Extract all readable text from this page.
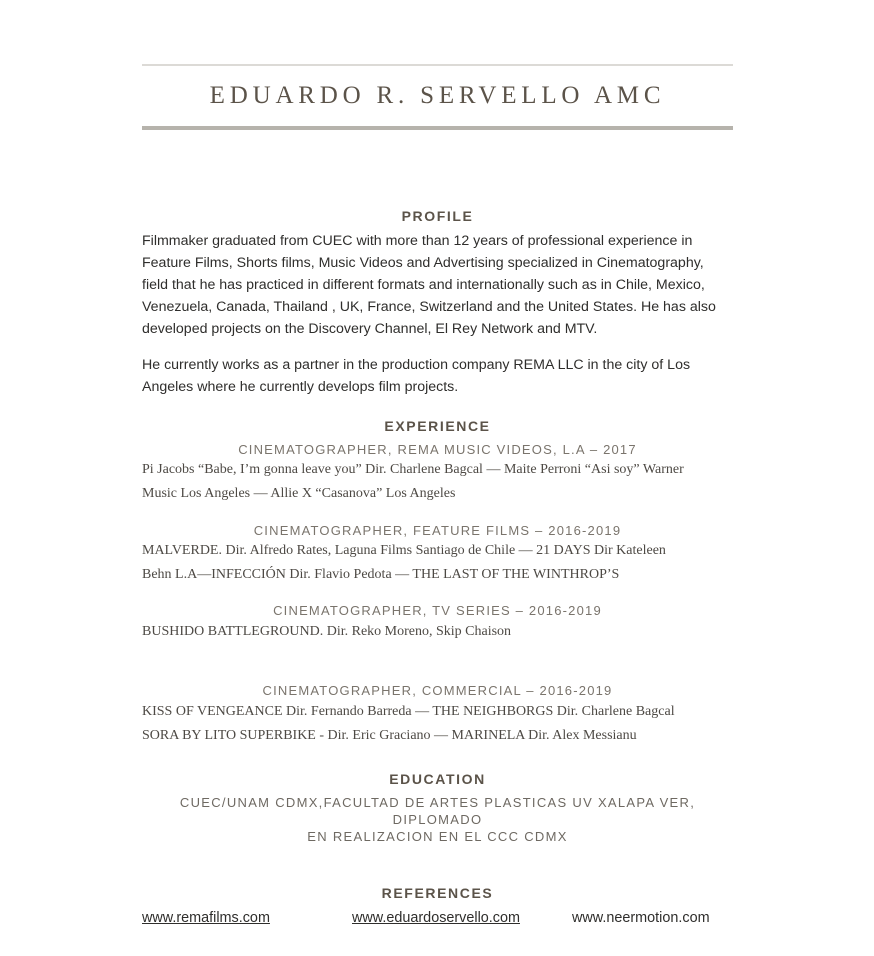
EDUARDO R. SERVELLO AMC
PROFILE
Filmmaker graduated from CUEC with more than 12 years of professional experience in
Feature Films, Shorts films, Music Videos and Advertising specialized in Cinematography,
field that he has practiced in different formats and internationally such as in Chile, Mexico,
Venezuela, Canada, Thailand , UK, France, Switzerland and the United States. He has also
developed projects on the Discovery Channel, El Rey Network and MTV.
He currently works as a partner in the production company REMA LLC in the city of Los
Angeles where he currently develops film projects.
EXPERIENCE
CINEMATOGRAPHER, REMA MUSIC VIDEOS, L.A – 2017
Pi Jacobs “Babe, I’m gonna leave you” Dir. Charlene Bagcal — Maite Perroni “Asi soy” Warner
Music Los Angeles — Allie X “Casanova” Los Angeles
CINEMATOGRAPHER, FEATURE FILMS – 2016-2019
MALVERDE. Dir. Alfredo Rates, Laguna Films Santiago de Chile — 21 DAYS Dir Kateleen
Behn L.A—INFECCIÓN Dir. Flavio Pedota — THE LAST OF THE WINTHROP’S
CINEMATOGRAPHER, TV SERIES – 2016-2019
BUSHIDO BATTLEGROUND. Dir. Reko Moreno, Skip Chaison
CINEMATOGRAPHER, COMMERCIAL – 2016-2019
KISS OF VENGEANCE Dir. Fernando Barreda — THE NEIGHBORGS Dir. Charlene Bagcal
SORA BY LITO SUPERBIKE - Dir. Eric Graciano — MARINELA Dir. Alex Messianu
EDUCATION
CUEC/UNAM CDMX,FACULTAD DE ARTES PLASTICAS UV XALAPA VER, DIPLOMADO
EN REALIZACION EN EL CCC CDMX
REFERENCES
www.remafilms.com	www.eduardoservello.com	www.neermotion.com
